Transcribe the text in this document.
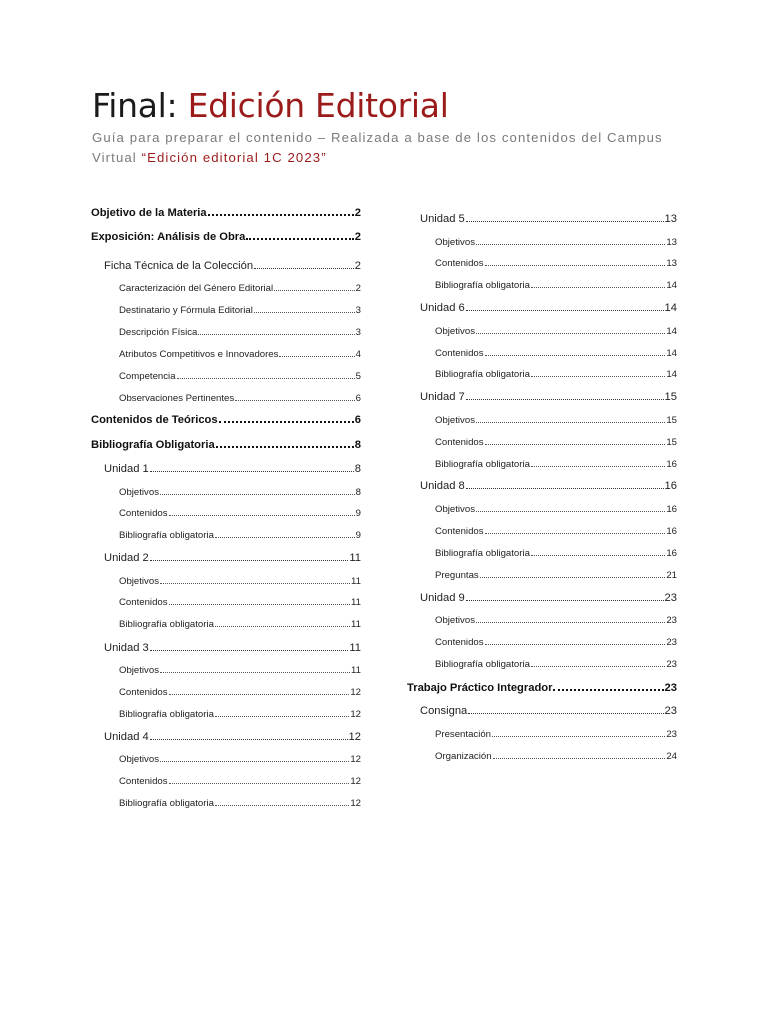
Final: Edición Editorial
Guía para preparar el contenido – Realizada a base de los contenidos del Campus Virtual “Edición editorial 1C 2023”
Objetivo de la Materia	2
Exposición: Análisis de Obra	2
Ficha Técnica de la Colección	2
Caracterización del Género Editorial	2
Destinatario y Fórmula Editorial	3
Descripción Física	3
Atributos Competitivos e Innovadores	4
Competencia	5
Observaciones Pertinentes	6
Contenidos de Teóricos	6
Bibliografía Obligatoria	8
Unidad 1	8
Objetivos	8
Contenidos	9
Bibliografía obligatoria	9
Unidad 2	11
Objetivos	11
Contenidos	11
Bibliografía obligatoria	11
Unidad 3	11
Objetivos	11
Contenidos	12
Bibliografía obligatoria	12
Unidad 4	12
Objetivos	12
Contenidos	12
Bibliografía obligatoria	12
Unidad 5	13
Objetivos	13
Contenidos	13
Bibliografía obligatoria	14
Unidad 6	14
Objetivos	14
Contenidos	14
Bibliografía obligatoria	14
Unidad 7	15
Objetivos	15
Contenidos	15
Bibliografía obligatoria	16
Unidad 8	16
Objetivos	16
Contenidos	16
Bibliografía obligatoria	16
Preguntas	21
Unidad 9	23
Objetivos	23
Contenidos	23
Bibliografía obligatoria	23
Trabajo Práctico Integrador	23
Consigna	23
Presentación	23
Organización	24
